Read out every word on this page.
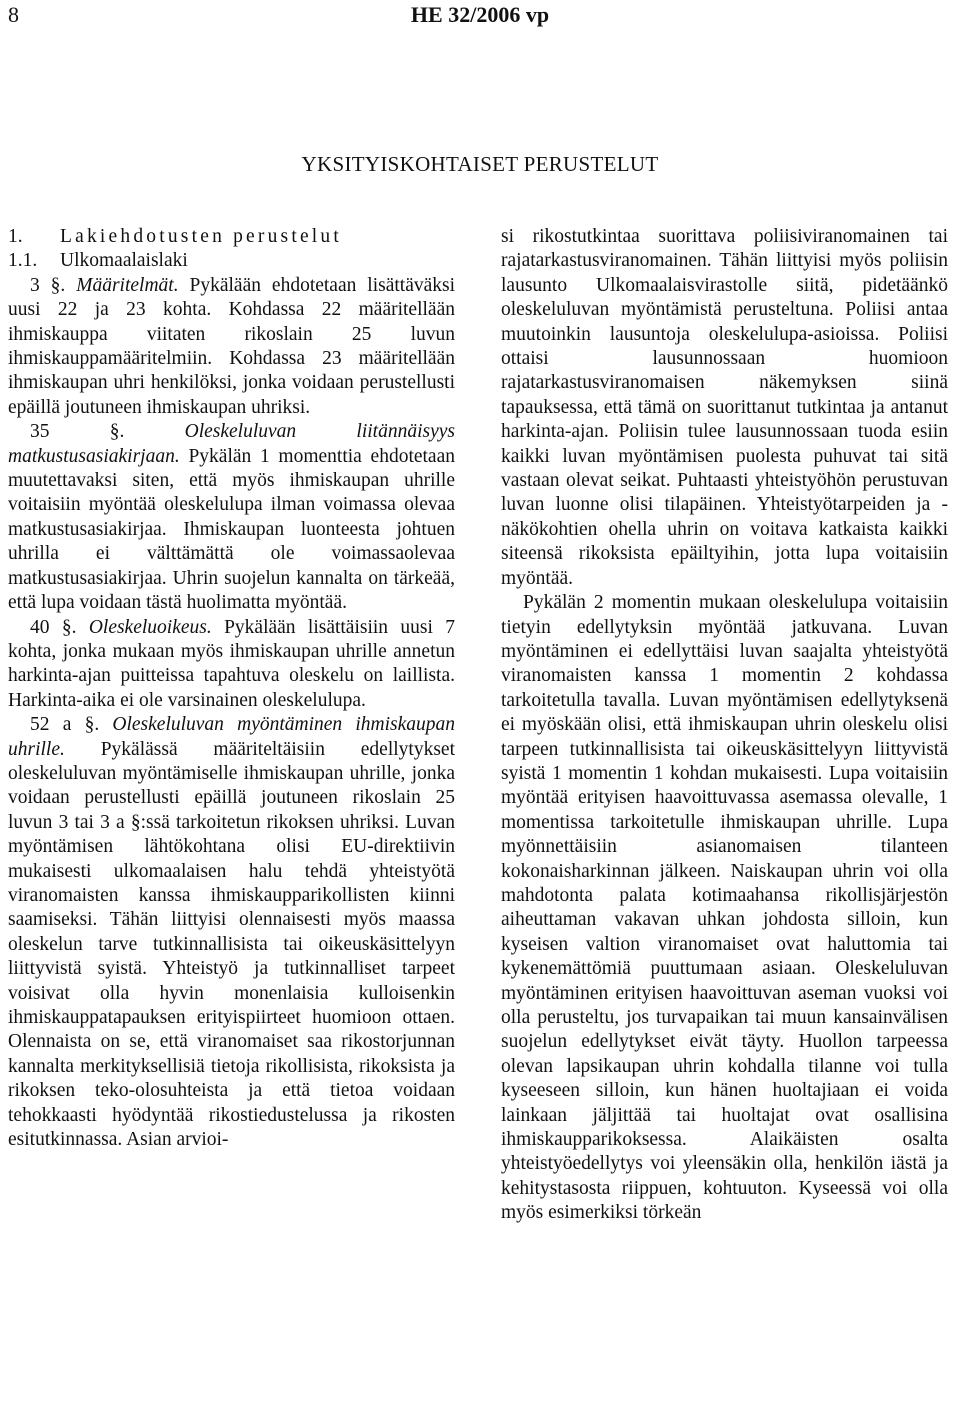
8	HE 32/2006 vp
YKSITYISKOHTAISET PERUSTELUT

1. Lakiehdotusten perustelut

1.1. Ulkomaalaislaki

3 §. Määritelmät. Pykälään ehdotetaan lisättäväksi uusi 22 ja 23 kohta. Kohdassa 22 määritellään ihmiskauppa viitaten rikoslain 25 luvun ihmiskauppamääritelmiin. Kohdassa 23 määritellään ihmiskaupan uhri henkilöksi, jonka voidaan perustellusti epäillä joutuneen ihmiskaupan uhriksi.

35	§.	Oleskeluluvan liitännäisyys matkustusasiakirjaan. Pykälän 1 momenttia ehdotetaan muutettavaksi siten, että myös ihmiskaupan uhrille voitaisiin myöntää oleskelulupa ilman voimassa olevaa matkustusasiakirjaa. Ihmiskaupan luonteesta johtuen uhrilla ei välttämättä ole voimassaolevaa matkustusasiakirjaa. Uhrin suojelun kannalta on tärkeää, että lupa voidaan tästä huolimatta myöntää.

40 §. Oleskeluoikeus. Pykälään lisättäisiin uusi 7 kohta, jonka mukaan myös ihmiskaupan uhrille annetun harkinta-ajan puitteissa tapahtuva oleskelu on laillista. Harkinta-aika ei ole varsinainen oleskelulupa.

52 a §. Oleskeluluvan myöntäminen ihmiskaupan uhrille. Pykälässä määriteltäisiin edellytykset oleskeluluvan myöntämiselle ihmiskaupan uhrille, jonka voidaan perustellusti epäillä joutuneen rikoslain 25 luvun 3 tai 3 a §:ssä tarkoitetun rikoksen uhriksi. Luvan myöntämisen lähtökohtana olisi EU-direktiivin mukaisesti ulkomaalaisen halu tehdä yhteistyötä viranomaisten kanssa ihmiskaupparikollisten kiinni saamiseksi. Tähän liittyisi olennaisesti myös maassa oleskelun tarve tutkinnallisista tai oikeuskäsittelyyn liittyvistä syistä. Yhteistyö ja tutkinnalliset tarpeet voisivat olla hyvin monenlaisia kulloisenkin ihmiskauppatapauksen erityispiirteet huomioon ottaen. Olennaista on se, että viranomaiset saa rikostorjunnan kannalta merkityksellisiä tietoja rikollisista, rikoksista ja rikoksen teko-olosuhteista ja että tietoa voidaan tehokkaasti hyödyntää rikostiedustelussa ja rikosten esitutkinnassa. Asian arvioi-

si rikostutkintaa suorittava poliisiviranomainen tai rajatarkastusviranomainen. Tähän liittyisi myös poliisin lausunto Ulkomaalaisvirastolle siitä, pidetäänkö oleskeluluvan myöntämistä perusteltuna. Poliisi antaa muutoinkin lausuntoja oleskelulupa-asioissa. Poliisi ottaisi lausunnossaan huomioon rajatarkastusviranomaisen näkemyksen siinä tapauksessa, että tämä on suorittanut tutkintaa ja antanut harkinta-ajan. Poliisin tulee lausunnossaan tuoda esiin kaikki luvan myöntämisen puolesta puhuvat tai sitä vastaan olevat seikat. Puhtaasti yhteistyöhön perustuvan luvan luonne olisi tilapäinen. Yhteistyötarpeiden ja -näkökohtien ohella uhrin on voitava katkaista kaikki siteensä rikoksista epäiltyihin, jotta lupa voitaisiin myöntää.

Pykälän 2 momentin mukaan oleskelulupa voitaisiin tietyin edellytyksin myöntää jatkuvana. Luvan myöntäminen ei edellyttäisi luvan saajalta yhteistyötä viranomaisten kanssa 1 momentin 2 kohdassa tarkoitetulla tavalla. Luvan myöntämisen edellytyksenä ei myöskään olisi, että ihmiskaupan uhrin oleskelu olisi tarpeen tutkinnallisista tai oikeuskäsittelyyn liittyvistä syistä 1 momentin 1 kohdan mukaisesti. Lupa voitaisiin myöntää erityisen haavoittuvassa asemassa olevalle, 1 momentissa tarkoitetulle ihmiskaupan uhrille. Lupa myönnettäisiin asianomaisen tilanteen kokonaisharkinnan jälkeen. Naiskaupan uhrin voi olla mahdotonta palata kotimaahansa rikollisjärjestön aiheuttaman vakavan uhkan johdosta silloin, kun kyseisen valtion viranomaiset ovat haluttomia tai kykenemättömiä puuttumaan asiaan. Oleskeluluvan myöntäminen erityisen haavoittuvan aseman vuoksi voi olla perusteltu, jos turvapaikan tai muun kansainvälisen suojelun edellytykset eivät täyty. Huollon tarpeessa olevan lapsikaupan uhrin kohdalla tilanne voi tulla kyseeseen silloin, kun hänen huoltajiaan ei voida lainkaan jäljittää tai huoltajat ovat osallisina ihmiskaupparikoksessa. Alaikäisten osalta yhteistyöedellytys voi yleensäkin olla, henkilön iästä ja kehitystasosta riippuen, kohtuuton. Kyseessä voi olla myös esimerkiksi törkeän
